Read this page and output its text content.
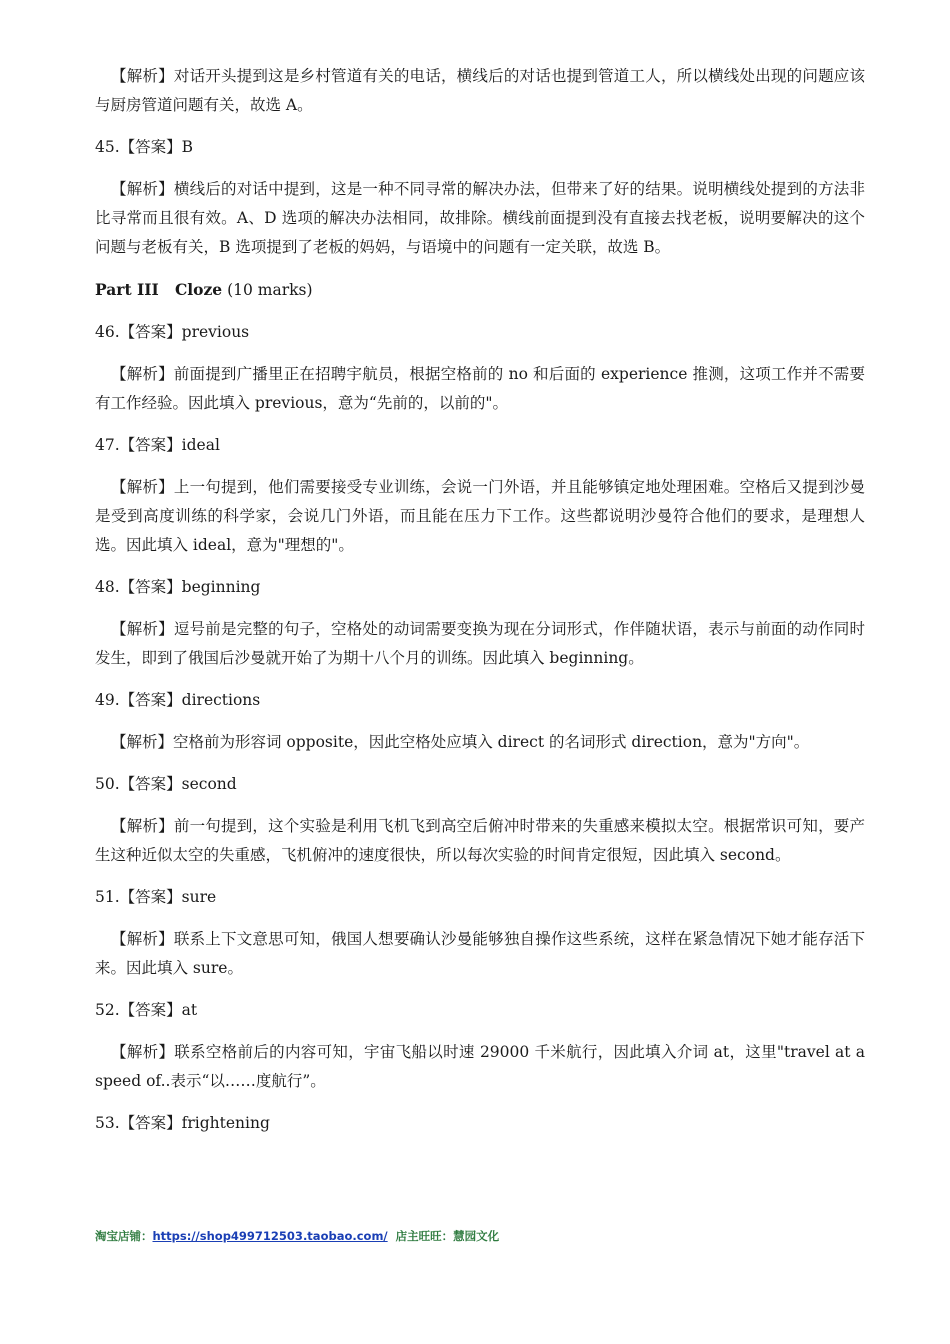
【解析】对话开头提到这是乡村管道有关的电话，横线后的对话也提到管道工人，所以横线处出现的问题应该与厨房管道问题有关，故选 A。

45.【答案】B

【解析】横线后的对话中提到，这是一种不同寻常的解决办法，但带来了好的结果。说明横线处提到的方法非比寻常而且很有效。A、D 选项的解决办法相同，故排除。横线前面提到没有直接去找老板，说明要解决的这个问题与老板有关，B 选项提到了老板的妈妈，与语境中的问题有一定关联，故选 B。

Part III   Cloze (10 marks)

46.【答案】previous

【解析】前面提到广播里正在招聘宇航员，根据空格前的 no 和后面的 experience 推测，这项工作并不需要有工作经验。因此填入 previous，意为“先前的，以前的"。

47.【答案】ideal

【解析】上一句提到，他们需要接受专业训练，会说一门外语，并且能够镇定地处理困难。空格后又提到沙曼是受到高度训练的科学家，会说几门外语，而且能在压力下工作。这些都说明沙曼符合他们的要求，是理想人选。因此填入 ideal，意为"理想的"。

48.【答案】beginning

【解析】逗号前是完整的句子，空格处的动词需要变换为现在分词形式，作伴随状语，表示与前面的动作同时发生，即到了俄国后沙曼就开始了为期十八个月的训练。因此填入 beginning。

49.【答案】directions

【解析】空格前为形容词 opposite，因此空格处应填入 direct 的名词形式 direction，意为"方向"。

50.【答案】second

【解析】前一句提到，这个实验是利用飞机飞到高空后俯冲时带来的失重感来模拟太空。根据常识可知，要产生这种近似太空的失重感，飞机俯冲的速度很快，所以每次实验的时间肯定很短，因此填入 second。

51.【答案】sure

【解析】联系上下文意思可知，俄国人想要确认沙曼能够独自操作这些系统，这样在紧急情况下她才能存活下来。因此填入 sure。

52.【答案】at

【解析】联系空格前后的内容可知，宇宙飞船以时速 29000 千米航行，因此填入介词 at，这里"travel at a speed of..表示“以……度航行”。

53.【答案】frightening

淘宝店铺：https://shop499712503.taobao.com/  店主旺旺：慧园文化
